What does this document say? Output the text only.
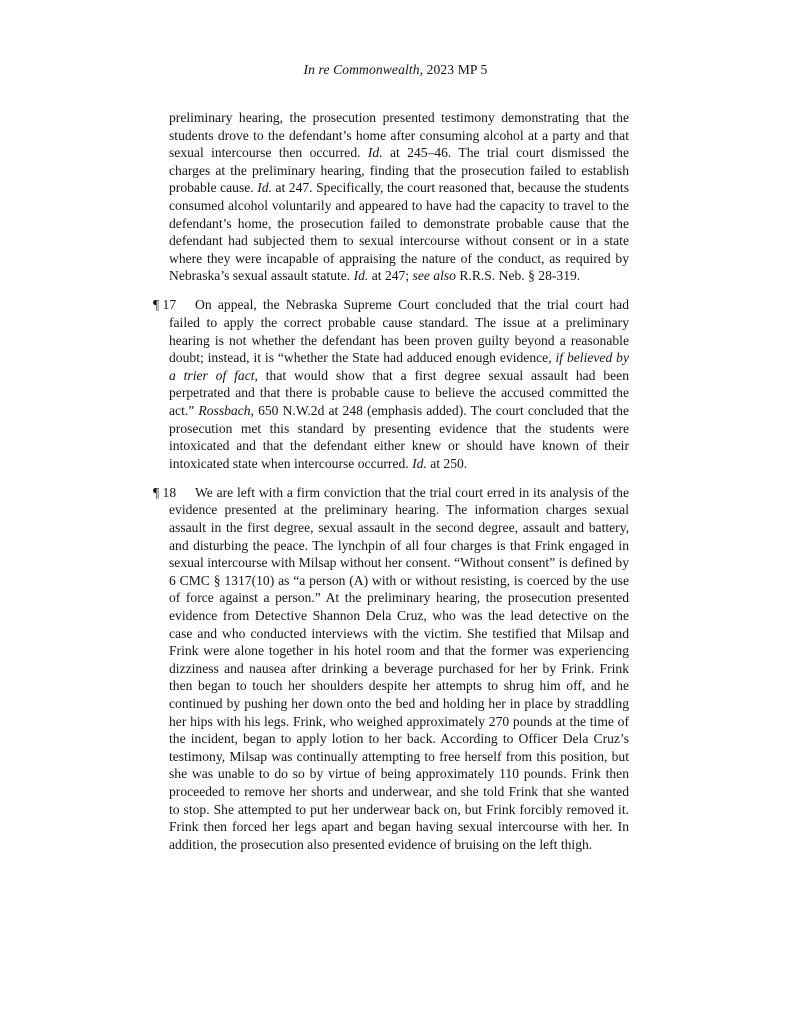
In re Commonwealth, 2023 MP 5

preliminary hearing, the prosecution presented testimony demonstrating that the students drove to the defendant’s home after consuming alcohol at a party and that sexual intercourse then occurred. Id. at 245–46. The trial court dismissed the charges at the preliminary hearing, finding that the prosecution failed to establish probable cause. Id. at 247. Specifically, the court reasoned that, because the students consumed alcohol voluntarily and appeared to have had the capacity to travel to the defendant’s home, the prosecution failed to demonstrate probable cause that the defendant had subjected them to sexual intercourse without consent or in a state where they were incapable of appraising the nature of the conduct, as required by Nebraska’s sexual assault statute. Id. at 247; see also R.R.S. Neb. § 28-319.

¶ 17 On appeal, the Nebraska Supreme Court concluded that the trial court had failed to apply the correct probable cause standard. The issue at a preliminary hearing is not whether the defendant has been proven guilty beyond a reasonable doubt; instead, it is “whether the State had adduced enough evidence, if believed by a trier of fact, that would show that a first degree sexual assault had been perpetrated and that there is probable cause to believe the accused committed the act.” Rossbach, 650 N.W.2d at 248 (emphasis added). The court concluded that the prosecution met this standard by presenting evidence that the students were intoxicated and that the defendant either knew or should have known of their intoxicated state when intercourse occurred. Id. at 250.

¶ 18 We are left with a firm conviction that the trial court erred in its analysis of the evidence presented at the preliminary hearing. The information charges sexual assault in the first degree, sexual assault in the second degree, assault and battery, and disturbing the peace. The lynchpin of all four charges is that Frink engaged in sexual intercourse with Milsap without her consent. “Without consent” is defined by 6 CMC § 1317(10) as “a person (A) with or without resisting, is coerced by the use of force against a person.” At the preliminary hearing, the prosecution presented evidence from Detective Shannon Dela Cruz, who was the lead detective on the case and who conducted interviews with the victim. She testified that Milsap and Frink were alone together in his hotel room and that the former was experiencing dizziness and nausea after drinking a beverage purchased for her by Frink. Frink then began to touch her shoulders despite her attempts to shrug him off, and he continued by pushing her down onto the bed and holding her in place by straddling her hips with his legs. Frink, who weighed approximately 270 pounds at the time of the incident, began to apply lotion to her back. According to Officer Dela Cruz’s testimony, Milsap was continually attempting to free herself from this position, but she was unable to do so by virtue of being approximately 110 pounds. Frink then proceeded to remove her shorts and underwear, and she told Frink that she wanted to stop. She attempted to put her underwear back on, but Frink forcibly removed it. Frink then forced her legs apart and began having sexual intercourse with her. In addition, the prosecution also presented evidence of bruising on the left thigh.
